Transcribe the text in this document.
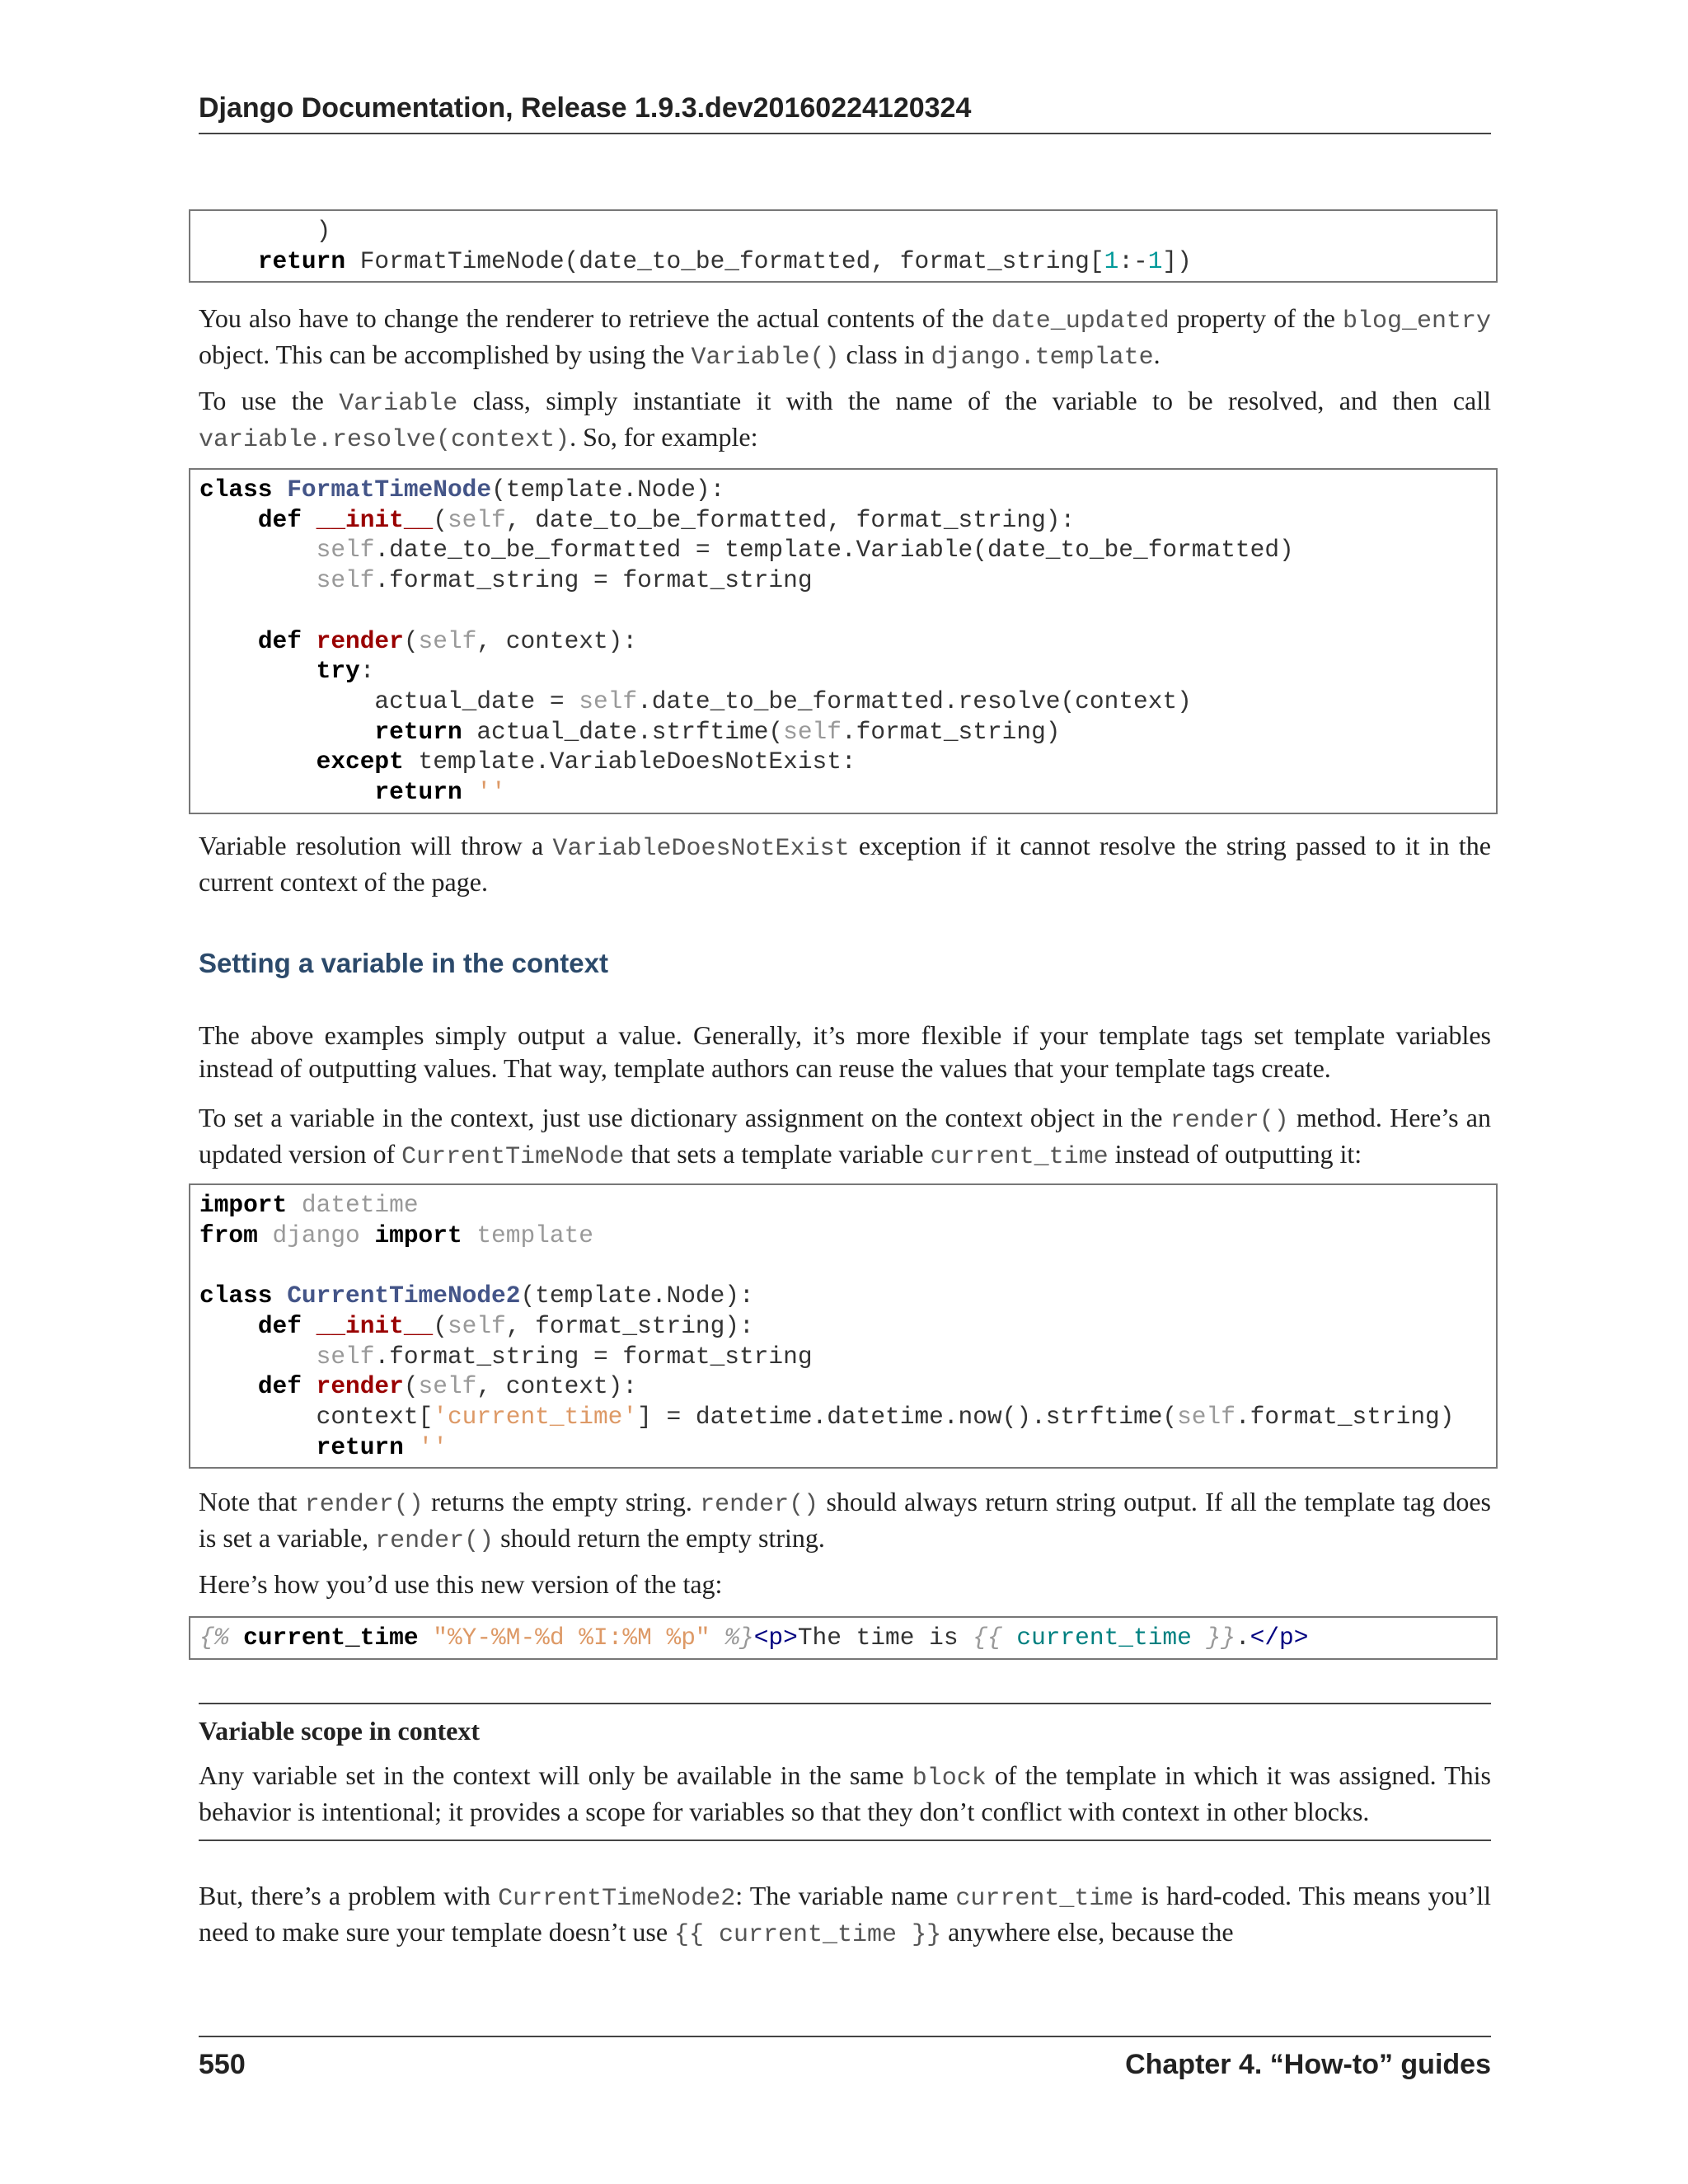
Django Documentation, Release 1.9.3.dev20160224120324
)
return FormatTimeNode(date_to_be_formatted, format_string[1:-1])

You also have to change the renderer to retrieve the actual contents of the date_updated property of the blog_entry object. This can be accomplished by using the Variable() class in django.template.

To use the Variable class, simply instantiate it with the name of the variable to be resolved, and then call variable.resolve(context). So, for example:

class FormatTimeNode(template.Node):
def __init__(self, date_to_be_formatted, format_string):
self.date_to_be_formatted = template.Variable(date_to_be_formatted)
self.format_string = format_string

def render(self, context):
try:
actual_date = self.date_to_be_formatted.resolve(context)
return actual_date.strftime(self.format_string)
except template.VariableDoesNotExist:
return ''

Variable resolution will throw a VariableDoesNotExist exception if it cannot resolve the string passed to it in the current context of the page.

Setting a variable in the context

The above examples simply output a value. Generally, it’s more flexible if your template tags set template variables instead of outputting values. That way, template authors can reuse the values that your template tags create.

To set a variable in the context, just use dictionary assignment on the context object in the render() method. Here’s an updated version of CurrentTimeNode that sets a template variable current_time instead of outputting it:

import datetime
from django import template

class CurrentTimeNode2(template.Node):
def __init__(self, format_string):
self.format_string = format_string
def render(self, context):
context['current_time'] = datetime.datetime.now().strftime(self.format_string)
return ''

Note that render() returns the empty string. render() should always return string output. If all the template tag does is set a variable, render() should return the empty string.

Here’s how you’d use this new version of the tag:

{% current_time "%Y-%M-%d %I:%M %p" %}<p>The time is {{ current_time }}.</p>

Variable scope in context

Any variable set in the context will only be available in the same block of the template in which it was assigned. This behavior is intentional; it provides a scope for variables so that they don’t conflict with context in other blocks.

But, there’s a problem with CurrentTimeNode2: The variable name current_time is hard-coded. This means you’ll need to make sure your template doesn’t use {{ current_time }} anywhere else, because the

550	Chapter 4. “How-to” guides
